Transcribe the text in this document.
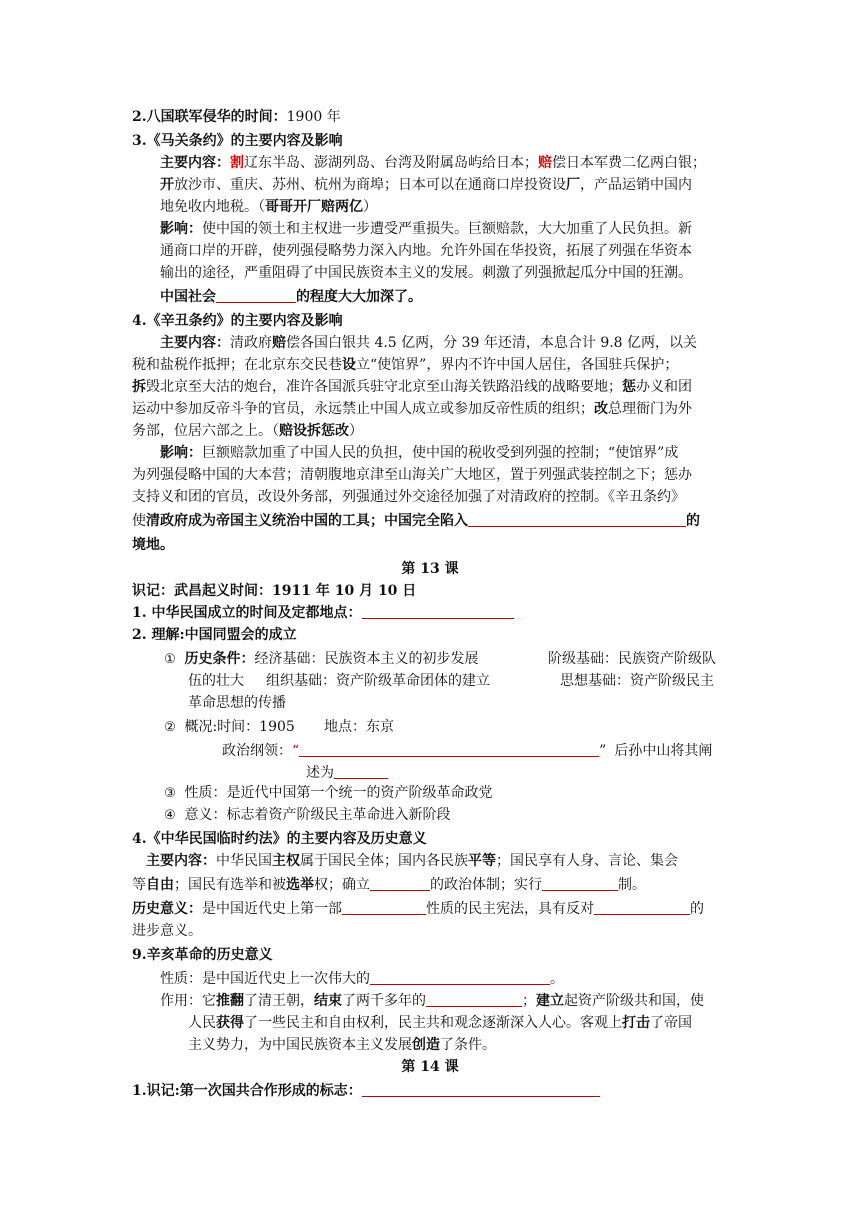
2.八国联军侵华的时间：1900 年
3.《马关条约》的主要内容及影响
主要内容：割辽东半岛、澎湖列岛、台湾及附属岛屿给日本；赔偿日本军费二亿两白银；
开放沙市、重庆、苏州、杭州为商埠；日本可以在通商口岸投资设厂，产品运销中国内
地免收内地税。（哥哥开厂赔两亿）
影响：使中国的领土和主权进一步遭受严重损失。巨额赔款，大大加重了人民负担。新
通商口岸的开辟，使列强侵略势力深入内地。允许外国在华投资，拓展了列强在华资本
输出的途径，严重阻碍了中国民族资本主义的发展。刺激了列强掀起瓜分中国的狂潮。
中国社会	的程度大大加深了。
4.《辛丑条约》的主要内容及影响
主要内容：清政府赔偿各国白银共 4.5 亿两，分 39 年还清，本息合计 9.8 亿两，以关
税和盐税作抵押；在北京东交民巷设立“使馆界”，界内不许中国人居住，各国驻兵保护；
拆毁北京至大沽的炮台，准许各国派兵驻守北京至山海关铁路沿线的战略要地；惩办义和团
运动中参加反帝斗争的官员，永远禁止中国人成立或参加反帝性质的组织；改总理衙门为外
务部，位居六部之上。（赔设拆惩改）
影响：巨额赔款加重了中国人民的负担，使中国的税收受到列强的控制；“使馆界”成
为列强侵略中国的大本营；清朝腹地京津至山海关广大地区，置于列强武装控制之下；惩办
支持义和团的官员，改设外务部，列强通过外交途径加强了对清政府的控制。《辛丑条约》
使清政府成为帝国主义统治中国的工具；中国完全陷入	的
境地。
第 13 课
识记：武昌起义时间：1911 年 10 月 10 日
1. 中华民国成立的时间及定都地点：
2. 理解:中国同盟会的成立
① 历史条件：经济基础：民族资本主义的初步发展	阶级基础：民族资产阶级队
伍的壮大 组织基础：资产阶级革命团体的建立	思想基础：资产阶级民主
革命思想的传播
② 概况:时间：1905 地点：东京
政治纲领：“	” 后孙中山将其阐
述为
③ 性质：是近代中国第一个统一的资产阶级革命政党
④ 意义：标志着资产阶级民主革命进入新阶段
4.《中华民国临时约法》的主要内容及历史意义
主要内容：中华民国主权属于国民全体；国内各民族平等；国民享有人身、言论、集会
等自由；国民有选举和被选举权；确立	的政治体制；实行	制。
历史意义：是中国近代史上第一部	性质的民主宪法，具有反对	的
进步意义。
9.辛亥革命的历史意义
性质：是中国近代史上一次伟大的	。
作用：它推翻了清王朝，结束了两千多年的	；建立起资产阶级共和国，使
人民获得了一些民主和自由权利，民主共和观念逐渐深入人心。客观上打击了帝国
主义势力，为中国民族资本主义发展创造了条件。
第 14 课
1.识记:第一次国共合作形成的标志：
